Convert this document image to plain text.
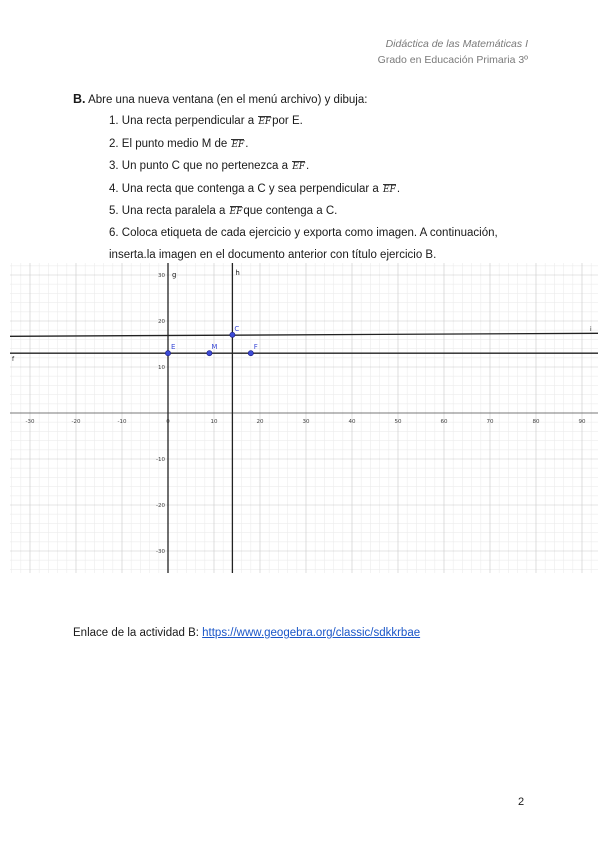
Didáctica de las Matemáticas I
Grado en Educación Primaria 3º
B. Abre una nueva ventana (en el menú archivo) y dibuja:
1. Una recta perpendicular a EFpor E.
2. El punto medio M de EF.
3. Un punto C que no pertenezca a EF.
4. Una recta que contenga a C y sea perpendicular a EF.
5. Una recta paralela a EFque contenga a C.
6. Coloca etiqueta de cada ejercicio y exporta como imagen. A continuación,
inserta.la imagen en el documento anterior con título ejercicio B.
g	h
f
i
-30	-20	-10	0	10	20	30	40	50	60	70	80	90
30
20
10
-10
-20
-30
E	M
C
F
Enlace de la actividad B: https://www.geogebra.org/classic/sdkkrbae
2
